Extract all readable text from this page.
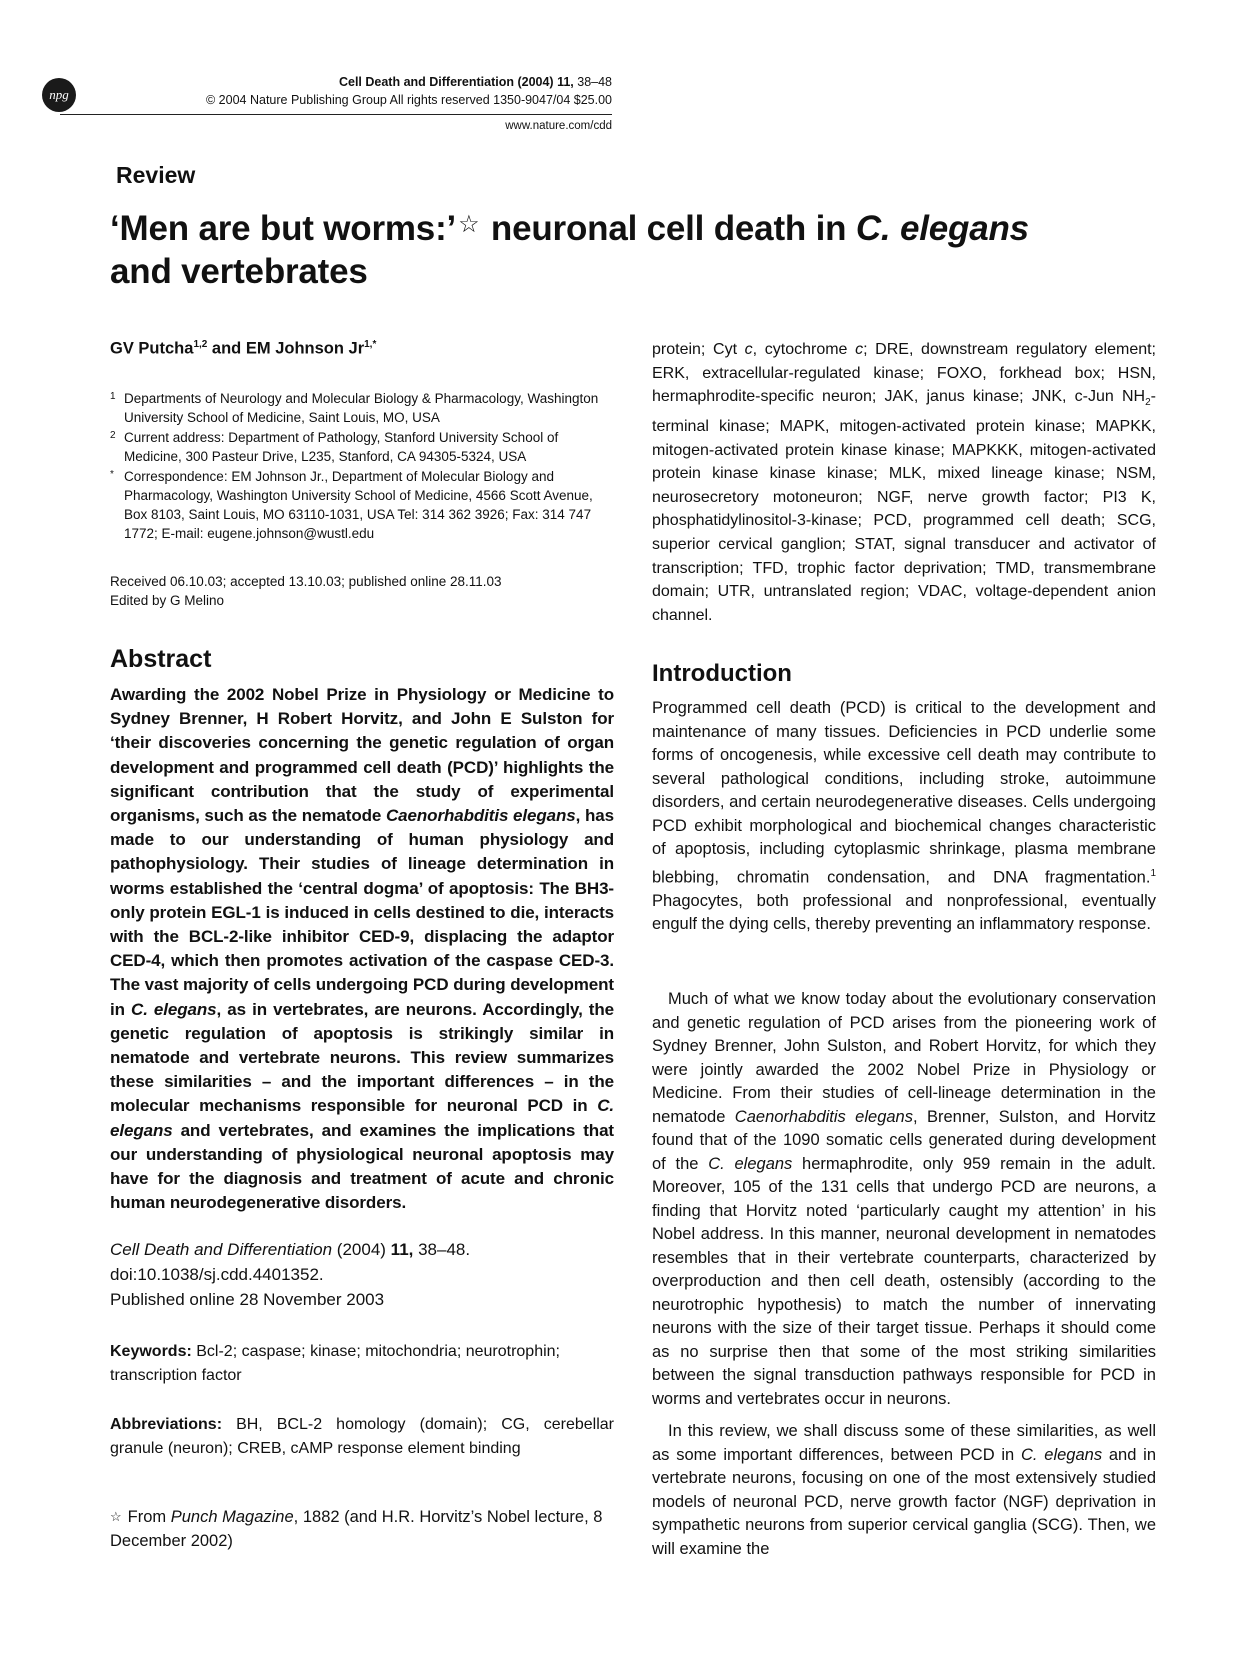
npg
Cell Death and Differentiation (2004) 11, 38–48
© 2004 Nature Publishing Group All rights reserved 1350-9047/04 $25.00
www.nature.com/cdd
Review
‘Men are but worms:’☆ neuronal cell death in C. elegans
and vertebrates
GV Putcha$^{1,2}$ and EM Johnson $Jr^{1,*}$
1 Departments of Neurology and Molecular Biology & Pharmacology, Washington University School of Medicine, Saint Louis, MO, USA
2 Current address: Department of Pathology, Stanford University School of Medicine, 300 Pasteur Drive, L235, Stanford, CA 94305-5324, USA
* Correspondence: EM Johnson Jr., Department of Molecular Biology and Pharmacology, Washington University School of Medicine, 4566 Scott Avenue, Box 8103, Saint Louis, MO 63110-1031, USA Tel: 314 362 3926; Fax: 314 747 1772; E-mail: eugene.johnson@wustl.edu
Received 06.10.03; accepted 13.10.03; published online 28.11.03
Edited by G Melino
Abstract
Awarding the 2002 Nobel Prize in Physiology or Medicine to Sydney Brenner, H Robert Horvitz, and John E Sulston for ‘their discoveries concerning the genetic regulation of organ development and programmed cell death (PCD)’ highlights the significant contribution that the study of experimental organisms, such as the nematode Caenorhabditis elegans, has made to our understanding of human physiology and pathophysiology. Their studies of lineage determination in worms established the ‘central dogma’ of apoptosis: The BH3-only protein EGL-1 is induced in cells destined to die, interacts with the BCL-2-like inhibitor CED-9, displacing the adaptor CED-4, which then promotes activation of the caspase CED-3. The vast majority of cells undergoing PCD during development in C. elegans, as in vertebrates, are neurons. Accordingly, the genetic regulation of apoptosis is strikingly similar in nematode and vertebrate neurons. This review summarizes these similarities – and the important differences – in the molecular mechanisms responsible for neuronal PCD in C. elegans and vertebrates, and examines the implications that our understanding of physiological neuronal apoptosis may have for the diagnosis and treatment of acute and chronic human neurodegenerative disorders.
Cell Death and Differentiation (2004) 11, 38–48. doi:10.1038/sj.cdd.4401352.
Published online 28 November 2003
Keywords: Bcl-2; caspase; kinase; mitochondria; neurotrophin; transcription factor
Abbreviations: BH, BCL-2 homology (domain); CG, cerebellar granule (neuron); CREB, cAMP response element binding
☆ From Punch Magazine, 1882 (and H.R. Horvitz’s Nobel lecture, 8 December 2002)
protein; Cyt c, cytochrome c; DRE, downstream regulatory element; ERK, extracellular-regulated kinase; FOXO, forkhead box; HSN, hermaphrodite-specific neuron; JAK, janus kinase; JNK, c-Jun $NH_2$-terminal kinase; MAPK, mitogen-activated protein kinase; MAPKK, mitogen-activated protein kinase kinase; MAPKKK, mitogen-activated protein kinase kinase kinase; MLK, mixed lineage kinase; NSM, neurosecretory motoneuron; NGF, nerve growth factor; PI3 K, phosphatidylinositol-3-kinase; PCD, programmed cell death; SCG, superior cervical ganglion; STAT, signal transducer and activator of transcription; TFD, trophic factor deprivation; TMD, transmembrane domain; UTR, untranslated region; VDAC, voltage-dependent anion channel.
Introduction
Programmed cell death (PCD) is critical to the development and maintenance of many tissues. Deficiencies in PCD underlie some forms of oncogenesis, while excessive cell death may contribute to several pathological conditions, including stroke, autoimmune disorders, and certain neurodegenerative diseases. Cells undergoing PCD exhibit morphological and biochemical changes characteristic of apoptosis, including cytoplasmic shrinkage, plasma membrane blebbing, chromatin condensation, and DNA fragmentation.$^1$ Phagocytes, both professional and nonprofessional, eventually engulf the dying cells, thereby preventing an inflammatory response.
Much of what we know today about the evolutionary conservation and genetic regulation of PCD arises from the pioneering work of Sydney Brenner, John Sulston, and Robert Horvitz, for which they were jointly awarded the 2002 Nobel Prize in Physiology or Medicine. From their studies of cell-lineage determination in the nematode Caenorhabditis elegans, Brenner, Sulston, and Horvitz found that of the 1090 somatic cells generated during development of the C. elegans hermaphrodite, only 959 remain in the adult. Moreover, 105 of the 131 cells that undergo PCD are neurons, a finding that Horvitz noted ‘particularly caught my attention’ in his Nobel address. In this manner, neuronal development in nematodes resembles that in their vertebrate counterparts, characterized by overproduction and then cell death, ostensibly (according to the neurotrophic hypothesis) to match the number of innervating neurons with the size of their target tissue. Perhaps it should come as no surprise then that some of the most striking similarities between the signal transduction pathways responsible for PCD in worms and vertebrates occur in neurons.
In this review, we shall discuss some of these similarities, as well as some important differences, between PCD in C. elegans and in vertebrate neurons, focusing on one of the most extensively studied models of neuronal PCD, nerve growth factor (NGF) deprivation in sympathetic neurons from superior cervical ganglia (SCG). Then, we will examine the
